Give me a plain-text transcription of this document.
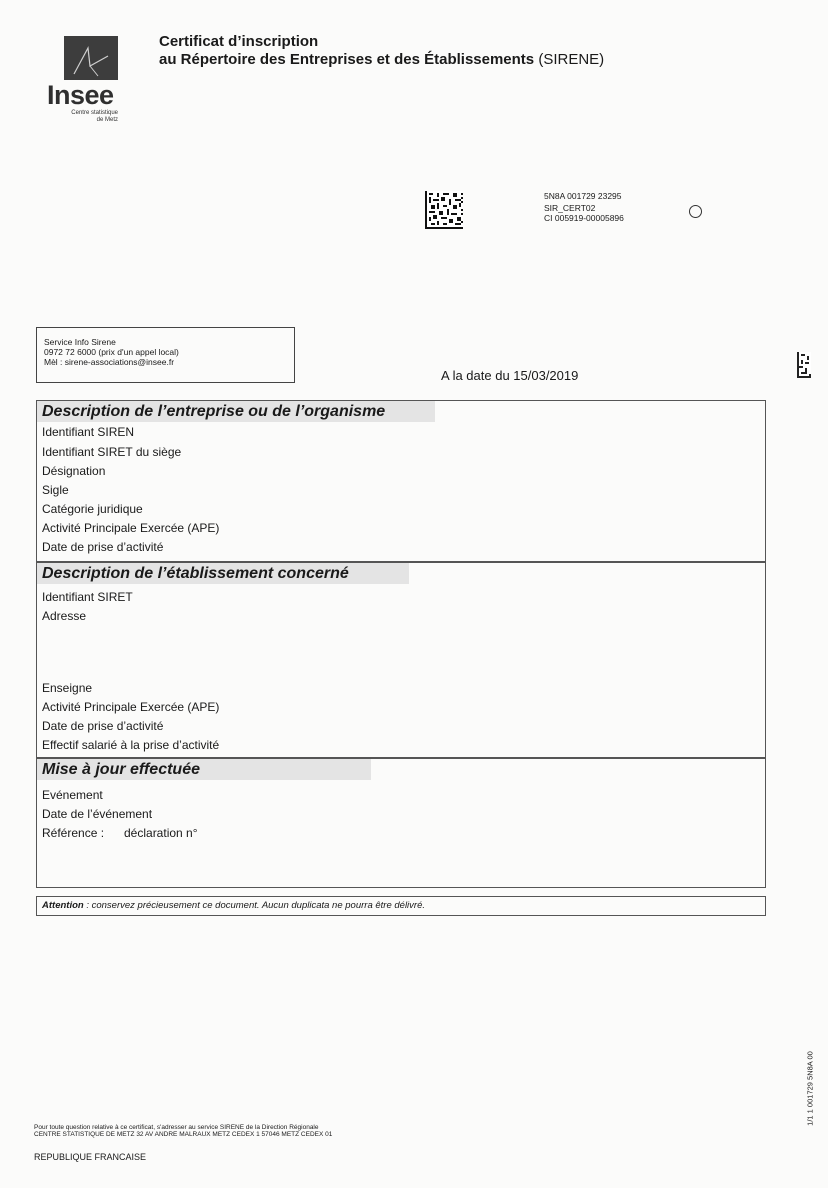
Insee
Centre statistique
de Metz
Certificat d’inscription
au Répertoire des Entreprises et des Établissements (SIRENE)
5N8A 001729 23295
SIR_CERT02
CI 005919-00005896
Service Info Sirene
0972 72 6000 (prix d'un appel local)
Mèl : sirene-associations@insee.fr
A la date du 15/03/2019
Description de l’entreprise ou de l’organisme
Identifiant SIREN
Identifiant SIRET du siège
Désignation
Sigle
Catégorie juridique
Activité Principale Exercée (APE)
Date de prise d’activité
Description de l’établissement concerné
Identifiant SIRET
Adresse
Enseigne
Activité Principale Exercée (APE)
Date de prise d’activité
Effectif salarié à la prise d’activité
Mise à jour effectuée
Evénement
Date de l’événement
Référence : déclaration n°
Attention : conservez précieusement ce document. Aucun duplicata ne pourra être délivré.
Pour toute question relative à ce certificat, s'adresser au service SIRENE de la Direction Régionale
CENTRE STATISTIQUE DE METZ 32 AV ANDRE MALRAUX METZ CEDEX 1 57046 METZ CEDEX 01
REPUBLIQUE FRANCAISE
1/1 1 001729 5N8A 00
